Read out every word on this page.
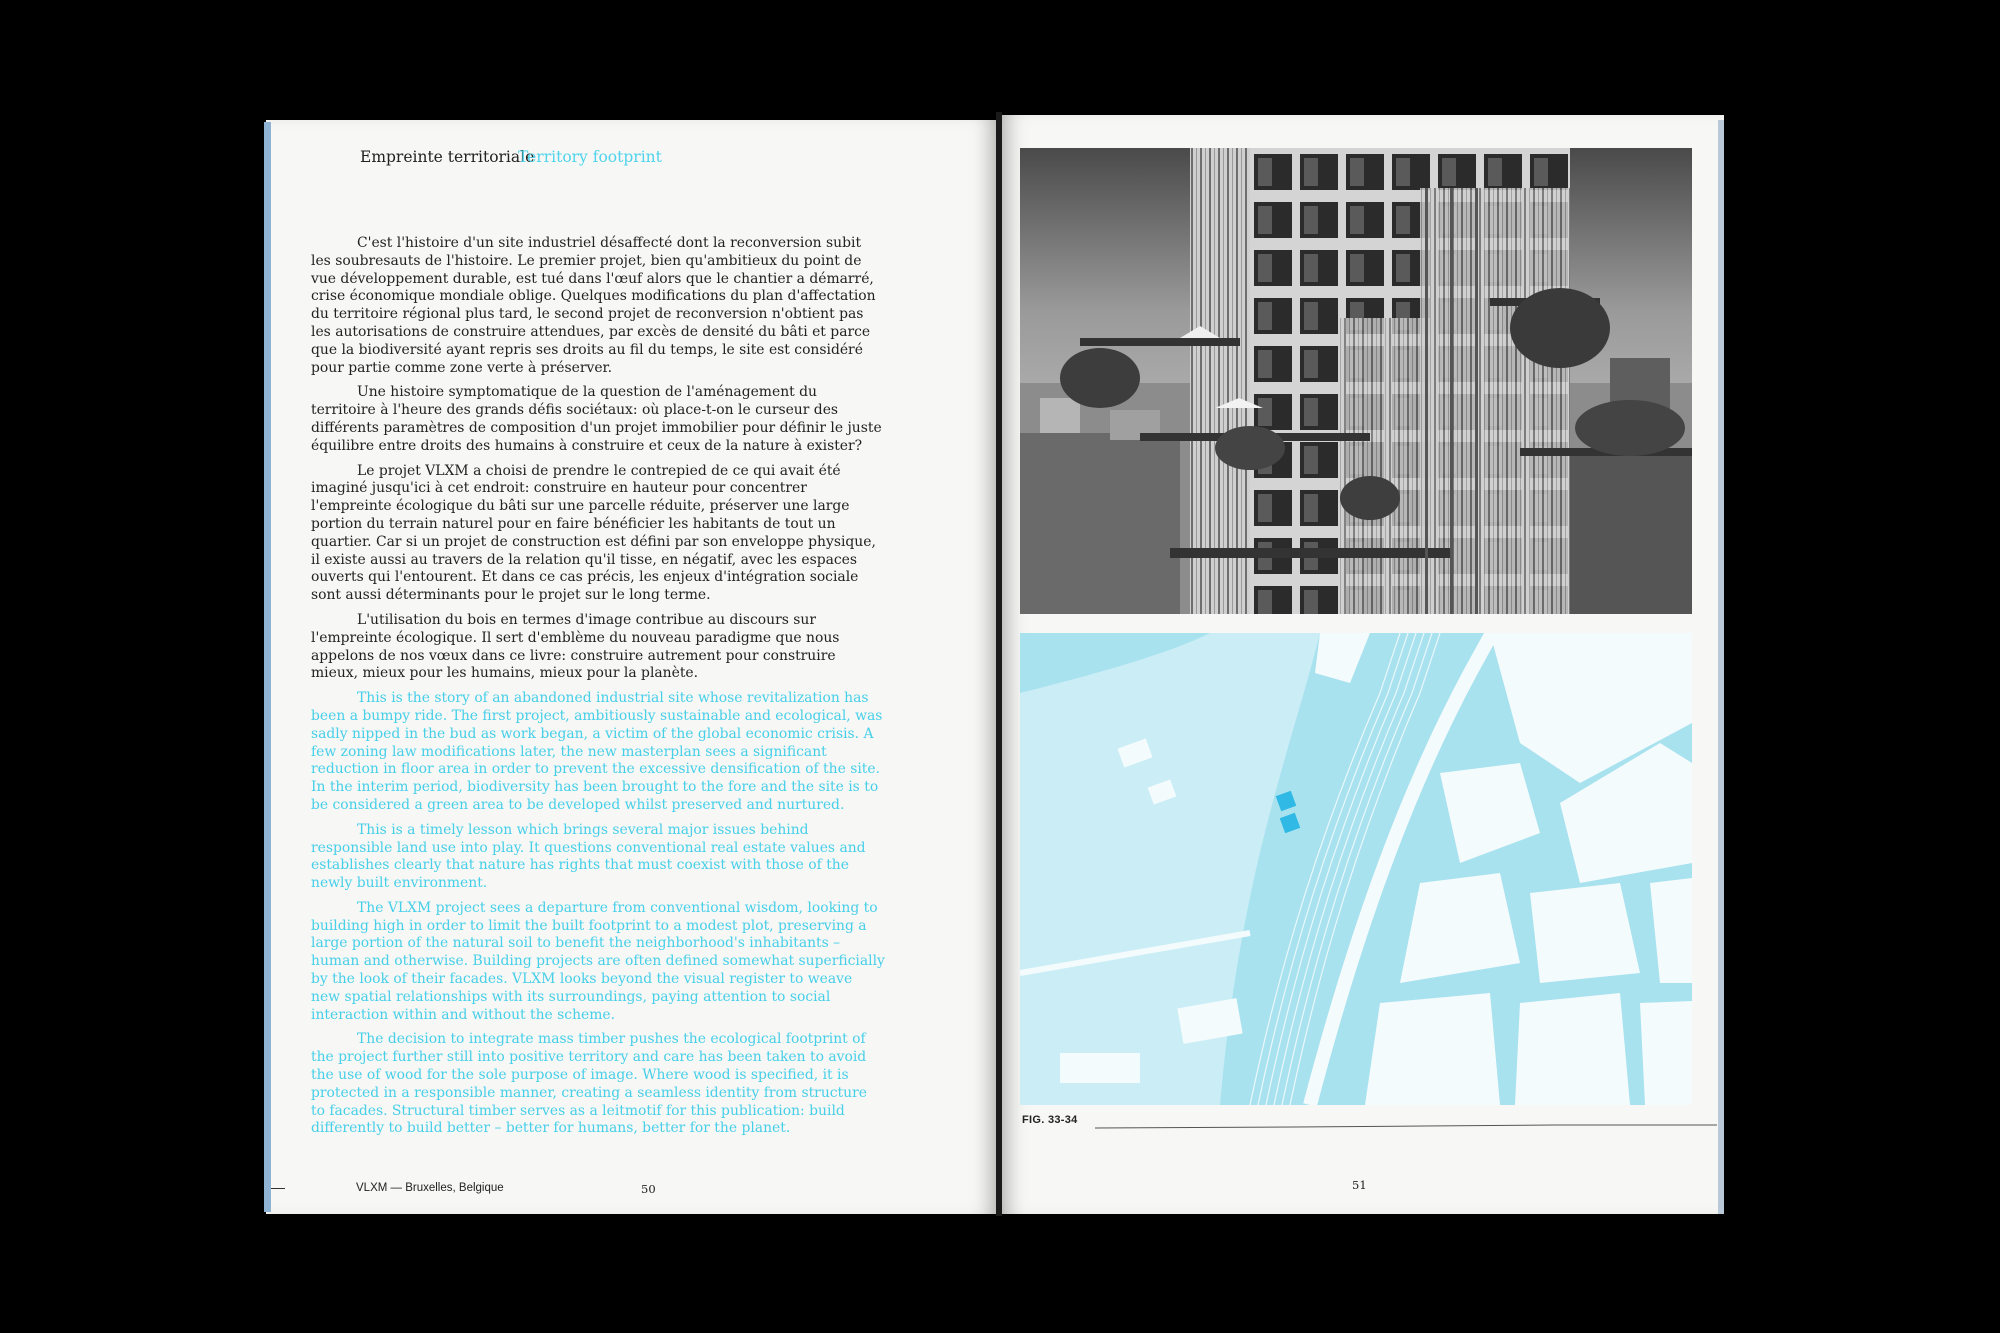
Empreinte territoriale
Territory footprint

C'est l'histoire d'un site industriel désaffecté dont la reconversion subit les soubresauts de l'histoire. Le premier projet, bien qu'ambitieux du point de vue développement durable, est tué dans l'œuf alors que le chantier a démarré, crise économique mondiale oblige. Quelques modifications du plan d'affectation du territoire régional plus tard, le second projet de reconversion n'obtient pas les autorisations de construire attendues, par excès de densité du bâti et parce que la biodiversité ayant repris ses droits au fil du temps, le site est considéré pour partie comme zone verte à préserver.

Une histoire symptomatique de la question de l'aménagement du territoire à l'heure des grands défis sociétaux: où place-t-on le curseur des différents paramètres de composition d'un projet immobilier pour définir le juste équilibre entre droits des humains à construire et ceux de la nature à exister?

Le projet VLXM a choisi de prendre le contrepied de ce qui avait été imaginé jusqu'ici à cet endroit: construire en hauteur pour concentrer l'empreinte écologique du bâti sur une parcelle réduite, préserver une large portion du terrain naturel pour en faire bénéficier les habitants de tout un quartier. Car si un projet de construction est défini par son enveloppe physique, il existe aussi au travers de la relation qu'il tisse, en négatif, avec les espaces ouverts qui l'entourent. Et dans ce cas précis, les enjeux d'intégration sociale sont aussi déterminants pour le projet sur le long terme.

L'utilisation du bois en termes d'image contribue au discours sur l'empreinte écologique. Il sert d'emblème du nouveau paradigme que nous appelons de nos vœux dans ce livre: construire autrement pour construire mieux, mieux pour les humains, mieux pour la planète.

This is the story of an abandoned industrial site whose revitalization has been a bumpy ride. The first project, ambitiously sustainable and ecological, was sadly nipped in the bud as work began, a victim of the global economic crisis. A few zoning law modifications later, the new masterplan sees a significant reduction in floor area in order to prevent the excessive densification of the site. In the interim period, biodiversity has been brought to the fore and the site is to be considered a green area to be developed whilst preserved and nurtured.

This is a timely lesson which brings several major issues behind responsible land use into play. It questions conventional real estate values and establishes clearly that nature has rights that must coexist with those of the newly built environment.

The VLXM project sees a departure from conventional wisdom, looking to building high in order to limit the built footprint to a modest plot, preserving a large portion of the natural soil to benefit the neighborhood's inhabitants – human and otherwise. Building projects are often defined somewhat superficially by the look of their facades. VLXM looks beyond the visual register to weave new spatial relationships with its surroundings, paying attention to social interaction within and without the scheme.

The decision to integrate mass timber pushes the ecological footprint of the project further still into positive territory and care has been taken to avoid the use of wood for the sole purpose of image. Where wood is specified, it is protected in a responsible manner, creating a seamless identity from structure to facades. Structural timber serves as a leitmotif for this publication: build differently to build better – better for humans, better for the planet.

VLXM — Bruxelles, Belgique	50	51
FIG. 33-34
